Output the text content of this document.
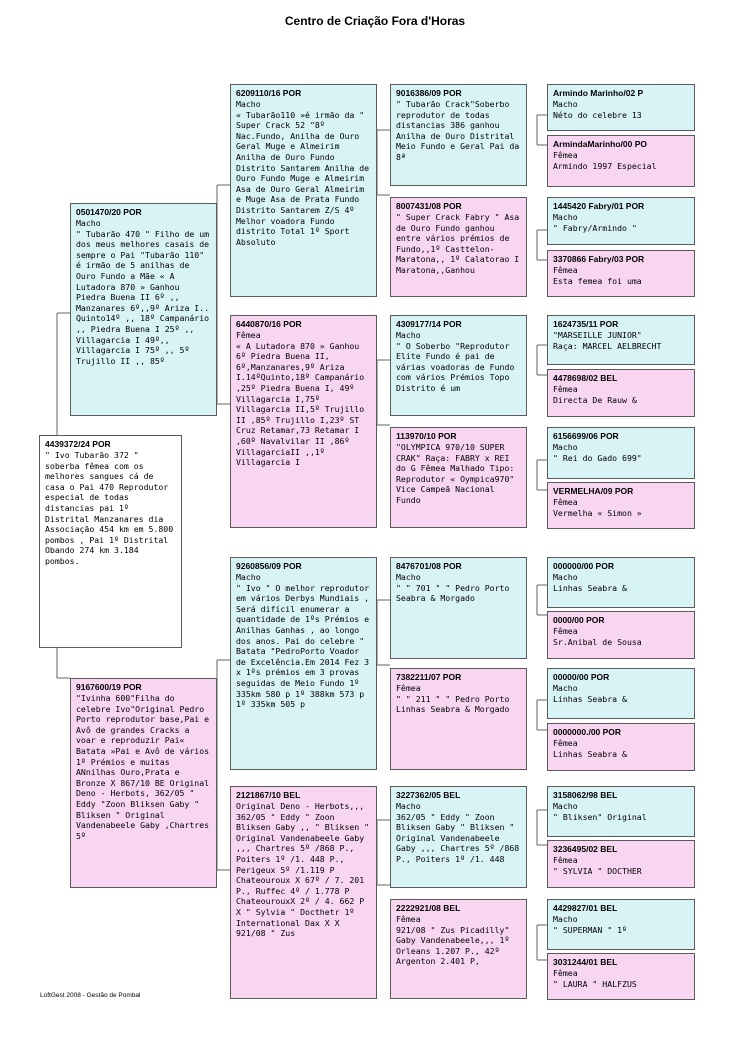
Centro de Criação Fora d'Horas
4439372/24 POR
" Ivo Tubarão 372 " soberba fêmea com os melhores sangues cá de casa o Pai 470 Reprodutor especial de todas distancias pai 1º Distrital Manzanares dia Associação 454 km em 5.800 pombos , Pai 1º Distrital Obando 274 km 3.184 pombos.
0501470/20 POR
Macho
" Tubarão 470 " Filho de um dos meus melhores casais de sempre o Pai "Tubarão 110" é irmão de 5 anilhas de Ouro Fundo a Mãe « A Lutadora 870 » Ganhou Piedra Buena II 6º ,, Manzanares 6º,,9º Ariza I.. Quinto14º ,, 18º Campanário ,, Piedra Buena I 25º ,, Villagarcia I 49º,, Villagarcia I 75º ,, 5º Trujillo II ,, 85º
9167600/19 POR
"Ivinha 600"Filha do celebre Ivo"Original Pedro Porto reprodutor base,Pai e Avô de grandes Cracks a voar e reproduzir Pai« Batata »Pai e Avô de vários 1º Prémios e muitas ANnilhas Ouro,Prata e Bronze X 867/10 BE Original Deno - Herbots, 362/05 " Eddy "Zoon Bliksen Gaby " Bliksen " Original Vandenabeele Gaby ,Chartres 5º
6209110/16 POR
Macho
« Tubarão110 »é irmão da " Super Crack 52 "8º Nac.Fundo, Anilha de Ouro Geral Muge e Almeirim Anilha de Ouro Fundo Distrito Santarem Anilha de Ouro Fundo Muge e Almeirim Asa de Ouro Geral Almeirim e Muge Asa de Prata Fundo Distrito Santarem Z/S 4º Melhor voadora Fundo distrito Total 1º Sport Absoluto
6440870/16 POR
Fêmea
« A Lutadora 870 » Ganhou 6º Piedra Buena II, 6º,Manzanares,9º Ariza I.14ºQuinto,18º Campanário ,25º Piedra Buena I, 49º Villagarcia I,75º Villagarcia II,5º Trujillo II ,85º Trujillo I,23º ST Cruz Retamar,73 Retamar I ,60º Navalvilar II ,86º VillagarciaII ,,1º Villagarcia I
9260856/09 POR
Macho
" Ivo " O melhor reprodutor em vários Derbys Mundiais , Será difícil enumerar a quantidade de 1ºs Prémios e Anilhas Ganhas , ao longo dos anos. Pai do celebre " Batata "PedroPorto Voador de Excelência.Em 2014 Fez 3 x 1ºs prémios em 3 provas seguidas de Meio Fundo 1º 335km 580 p 1º 388km 573 p 1º 335km 505 p
2121867/10 BEL
Original Deno - Herbots,,, 362/05 " Eddy " Zoon Bliksen Gaby ,, " Bliksen " Original Vandenabeele Gaby ,,, Chartres 5º /868 P., Poiters 1º /1. 448 P., Perigeux 5º /1.119 P Chateouroux X 67º / 7. 201 P., Ruffec 4º / 1.778 P ChateourouxX 2º / 4. 662 P X " Sylvia " Docthetr 1º International Dax X X 921/08 " Zus
9016386/09 POR
" Tubarão Crack"Soberbo reprodutor de todas distancias 386 ganhou Anilha de Ouro Distrital Meio Fundo e Geral Pai da 8ª
8007431/08 POR
" Super Crack Fabry " Asa de Ouro Fundo ganhou entre vários prémios de Fundo,,1º Casttelon-Maratona,, 1º Calatorao I Maratona,,Ganhou
4309177/14 POR
Macho
" O Soberbo "Reprodutor Elite Fundo é pai de várias voadoras de Fundo com vários Prémios Topo Distrito é um
113970/10 POR
"OLYMPICA 970/10 SUPER CRAK" Raça: FABRY x REI do G Fêmea Malhado Tipo: Reprodutor « Oympica970" Vice Campeã Nacional Fundo
8476701/08 POR
Macho
" " 701 " " Pedro Porto Seabra & Morgado
7382211/07 POR
Fêmea
" " 211 " " Pedro Porto Linhas Seabra & Morgado
3227362/05 BEL
Macho
362/05 " Eddy " Zoon Bliksen Gaby " Bliksen " Original Vandenabeele Gaby ,,, Chartres 5º /868 P., Poiters 1º /1. 448
2222921/08 BEL
Fêmea
921/08 " Zus Picadilly" Gaby Vandenabeele,,, 1º Orleans 1.207 P., 42º Argenton 2.401 P,
Armindo Marinho/02 P
Macho
Néto do celebre 13
ArmindaMarinho/00 PO
Fêmea
Armindo 1997 Especial
1445420 Fabry/01 POR
Macho
" Fabry/Armindo "
3370866 Fabry/03 POR
Fêmea
Esta femea foi uma
1624735/11 POR
"MARSEILLE JUNIOR"
Raça: MARCEL AELBRECHT
4478698/02 BEL
Fêmea
Directa De Rauw &
6156699/06 POR
Macho
" Rei do Gado 699"
VERMELHA/09 POR
Fêmea
Vermelha « Simon »
000000/00 POR
Macho
Linhas Seabra &
0000/00 POR
Fêmea
Sr.Anibal de Sousa
00000/00 POR
Macho
Linhas Seabra &
0000000./00 POR
Fêmea
Linhas Seabra &
3158062/98 BEL
Macho
" Bliksen" Original
3236495/02 BEL
Fêmea
" SYLVIA " DOCTHER
4429827/01 BEL
Macho
" SUPERMAN " 1º
3031244/01 BEL
Fêmea
" LAURA " HALFZUS
LoftGest 2008 - Gestão de Pombal
